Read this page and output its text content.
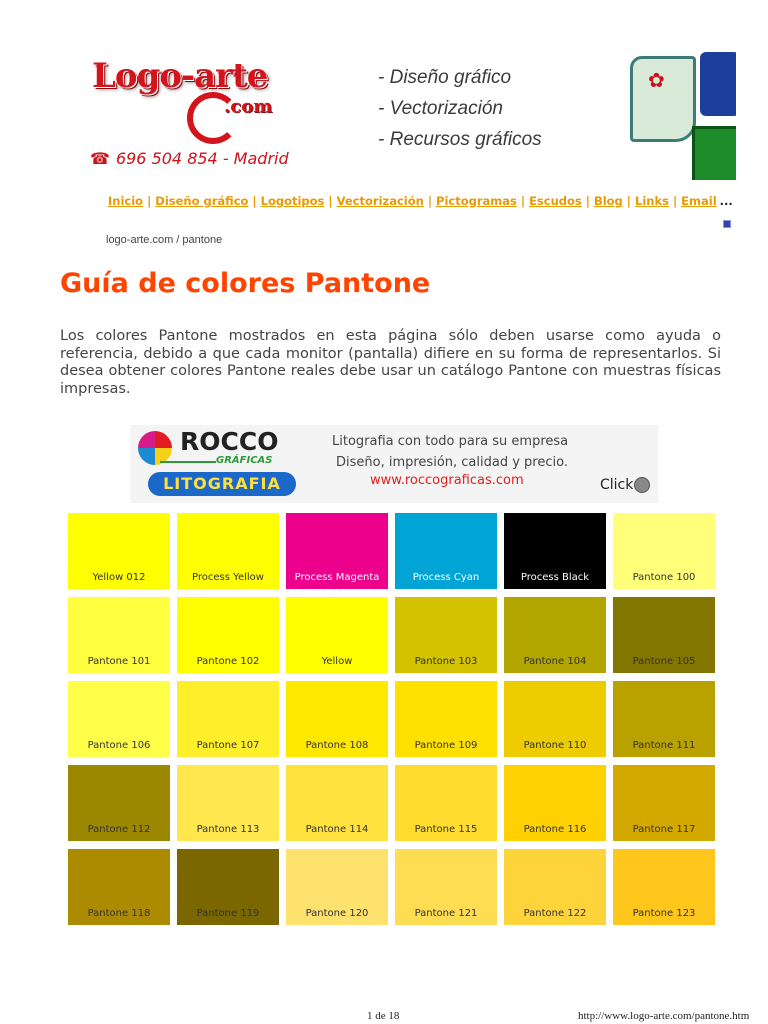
Logo-arte
.com
☎ 696 504 854 - Madrid
- Diseño gráfico
- Vectorización
- Recursos gráficos
✿
Inicio | Diseño gráfico | Logotipos | Vectorización | Pictogramas | Escudos | Blog | Links | Email ...
logo-arte.com / pantone
Guía de colores Pantone

Los colores Pantone mostrados en esta página sólo deben usarse como ayuda o referencia, debido a que cada monitor (pantalla) difiere en su forma de representarlos. Si desea obtener colores Pantone reales debe usar un catálogo Pantone con muestras físicas impresas.

ROCCO
GRÁFICAS
LITOGRAFIA
Litografia con todo para su empresa
Diseño, impresión, calidad y precio.
www.roccograficas.com	Click
Yellow 012	Process Yellow	Process Magenta	Process Cyan	Process Black	Pantone 100
Pantone 101	Pantone 102	Yellow	Pantone 103	Pantone 104	Pantone 105
Pantone 106	Pantone 107	Pantone 108	Pantone 109	Pantone 110	Pantone 111
Pantone 112	Pantone 113	Pantone 114	Pantone 115	Pantone 116	Pantone 117
Pantone 118	Pantone 119	Pantone 120	Pantone 121	Pantone 122	Pantone 123
1 de 18	http://www.logo-arte.com/pantone.htm
